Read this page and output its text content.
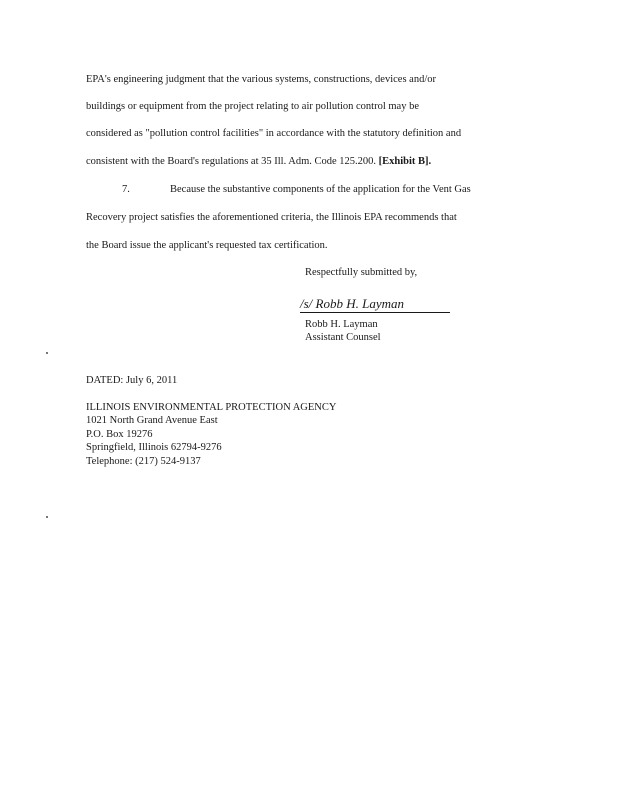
EPA's engineering judgment that the various systems, constructions, devices and/or
buildings or equipment from the project relating to air pollution control may be
considered as "pollution control facilities" in accordance with the statutory definition and
consistent with the Board's regulations at 35 Ill. Adm. Code 125.200. [Exhibit B].
7.	Because the substantive components of the application for the Vent Gas
Recovery project satisfies the aforementioned criteria, the Illinois EPA recommends that
the Board issue the applicant's requested tax certification.
Respectfully submitted by,
/s/ Robb H. Layman
Robb H. Layman
Assistant Counsel
DATED: July 6, 2011
ILLINOIS ENVIRONMENTAL PROTECTION AGENCY
1021 North Grand Avenue East
P.O. Box 19276
Springfield, Illinois 62794-9276
Telephone: (217) 524-9137
